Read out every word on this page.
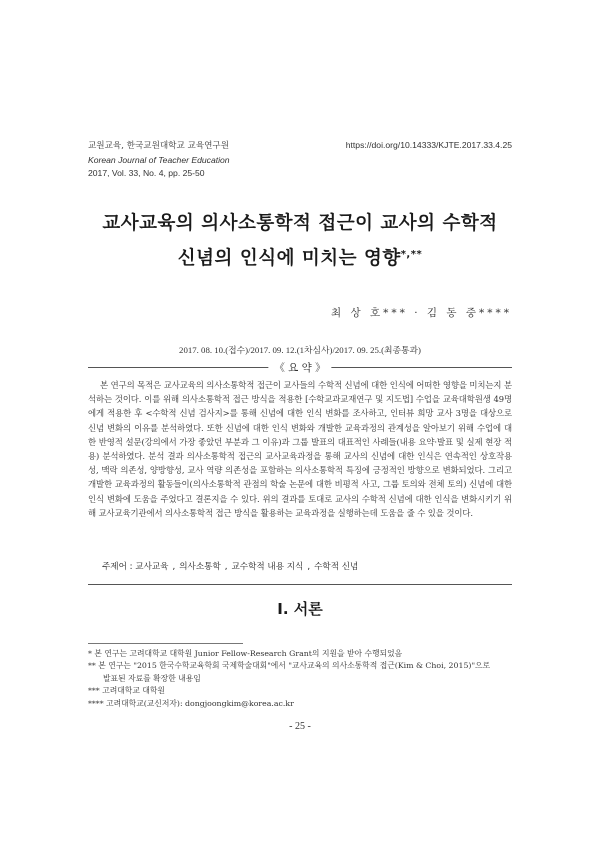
교원교육, 한국교원대학교 교육연구원
Korean Journal of Teacher Education
2017, Vol. 33, No. 4, pp. 25-50
https://doi.org/10.14333/KJTE.2017.33.4.25
교사교육의 의사소통학적 접근이 교사의 수학적
신념의 인식에 미치는 영향*,**
최 상 호*** · 김 동 중****
2017. 08. 10.(접수)/2017. 09. 12.(1차심사)/2017. 09. 25.(최종통과)
《 요 약 》
본 연구의 목적은 교사교육의 의사소통학적 접근이 교사들의 수학적 신념에 대한 인식에 어떠한 영향을 미치는지 분석하는 것이다. 이를 위해 의사소통학적 접근 방식을 적용한 [수학교과교재연구 및 지도법] 수업을 교육대학원생 49명에게 적용한 후 <수학적 신념 검사지>를 통해 신념에 대한 인식 변화를 조사하고, 인터뷰 희망 교사 3명을 대상으로 신념 변화의 이유를 분석하였다. 또한 신념에 대한 인식 변화와 개발한 교육과정의 관계성을 알아보기 위해 수업에 대한 반영적 설문(강의에서 가장 좋았던 부분과 그 이유)과 그룹 발표의 대표적인 사례들(내용 요약·발표 및 실제 현장 적용) 분석하였다. 분석 결과 의사소통학적 접근의 교사교육과정을 통해 교사의 신념에 대한 인식은 연속적인 상호작용성, 맥락 의존성, 양방향성, 교사 역량 의존성을 포함하는 의사소통학적 특징에 긍정적인 방향으로 변화되었다. 그리고 개발한 교육과정의 활동들이(의사소통학적 관점의 학술 논문에 대한 비평적 사고, 그룹 토의와 전체 토의) 신념에 대한 인식 변화에 도움을 주었다고 결론지을 수 있다. 위의 결과를 토대로 교사의 수학적 신념에 대한 인식을 변화시키기 위해 교사교육기관에서 의사소통학적 접근 방식을 활용하는 교육과정을 실행하는데 도움을 줄 수 있을 것이다.
주제어 : 교사교육 , 의사소통학 , 교수학적 내용 지식 , 수학적 신념
Ⅰ. 서론
* 본 연구는 고려대학교 대학원 Junior Fellow-Research Grant의 지원을 받아 수행되었음
** 본 연구는 "2015 한국수학교육학회 국제학술대회"에서 "교사교육의 의사소통학적 접근(Kim & Choi, 2015)"으로
발표된 자료를 확장한 내용임
*** 고려대학교 대학원
**** 고려대학교(교신저자): dongjoongkim@korea.ac.kr
- 25 -
